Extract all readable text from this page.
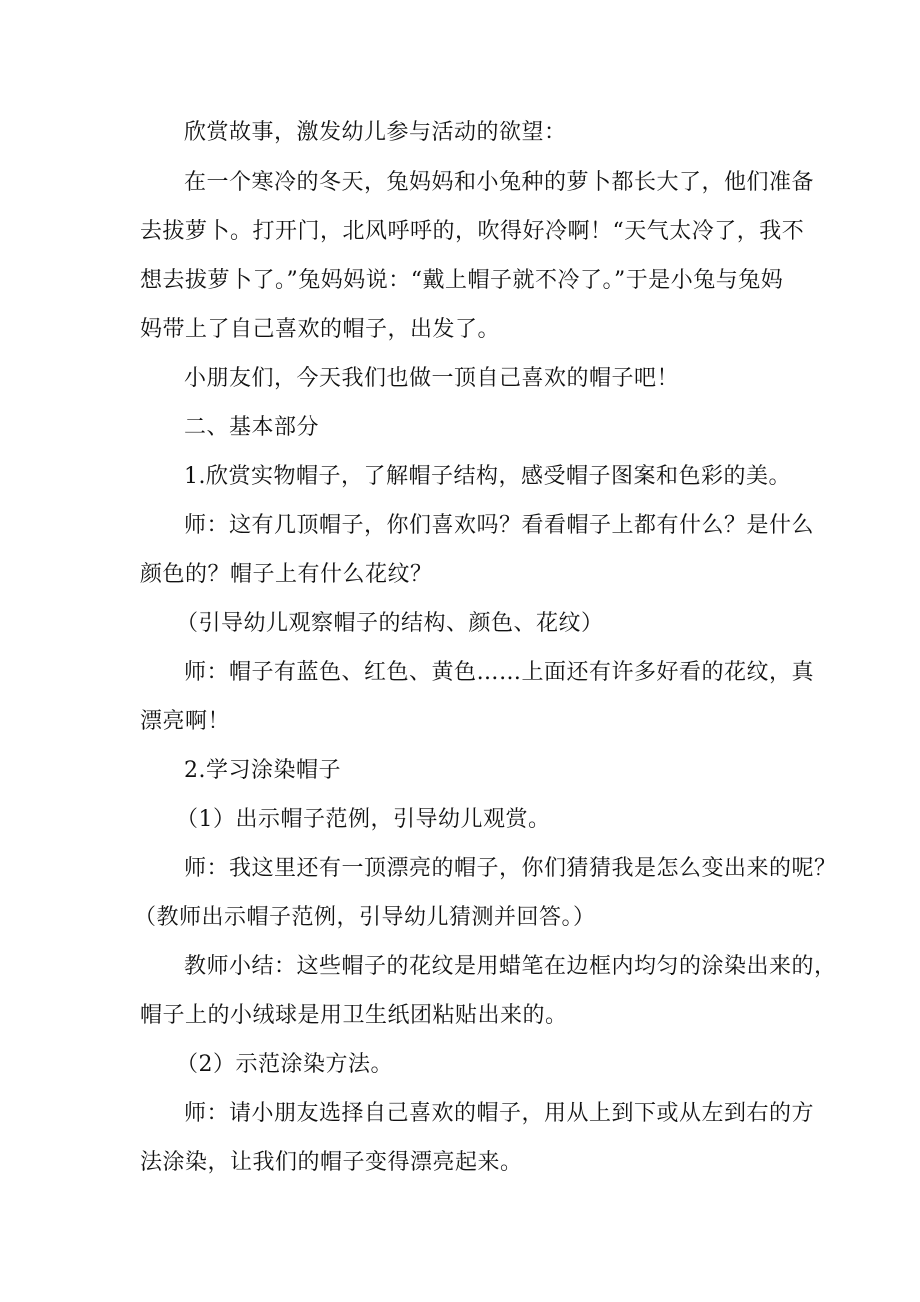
欣赏故事，激发幼儿参与活动的欲望：
在一个寒冷的冬天，兔妈妈和小兔种的萝卜都长大了，他们准备
去拔萝卜。打开门，北风呼呼的，吹得好冷啊！“天气太冷了，我不
想去拔萝卜了。”兔妈妈说：“戴上帽子就不冷了。”于是小兔与兔妈
妈带上了自己喜欢的帽子，出发了。
小朋友们，今天我们也做一顶自己喜欢的帽子吧！
二、基本部分
1.欣赏实物帽子，了解帽子结构，感受帽子图案和色彩的美。
师：这有几顶帽子，你们喜欢吗？看看帽子上都有什么？是什么
颜色的？帽子上有什么花纹？
（引导幼儿观察帽子的结构、颜色、花纹）
师：帽子有蓝色、红色、黄色……上面还有许多好看的花纹，真
漂亮啊！
2.学习涂染帽子
（1）出示帽子范例，引导幼儿观赏。
师：我这里还有一顶漂亮的帽子，你们猜猜我是怎么变出来的呢？
（教师出示帽子范例，引导幼儿猜测并回答。）
教师小结：这些帽子的花纹是用蜡笔在边框内均匀的涂染出来的，
帽子上的小绒球是用卫生纸团粘贴出来的。
（2）示范涂染方法。
师：请小朋友选择自己喜欢的帽子，用从上到下或从左到右的方
法涂染，让我们的帽子变得漂亮起来。
